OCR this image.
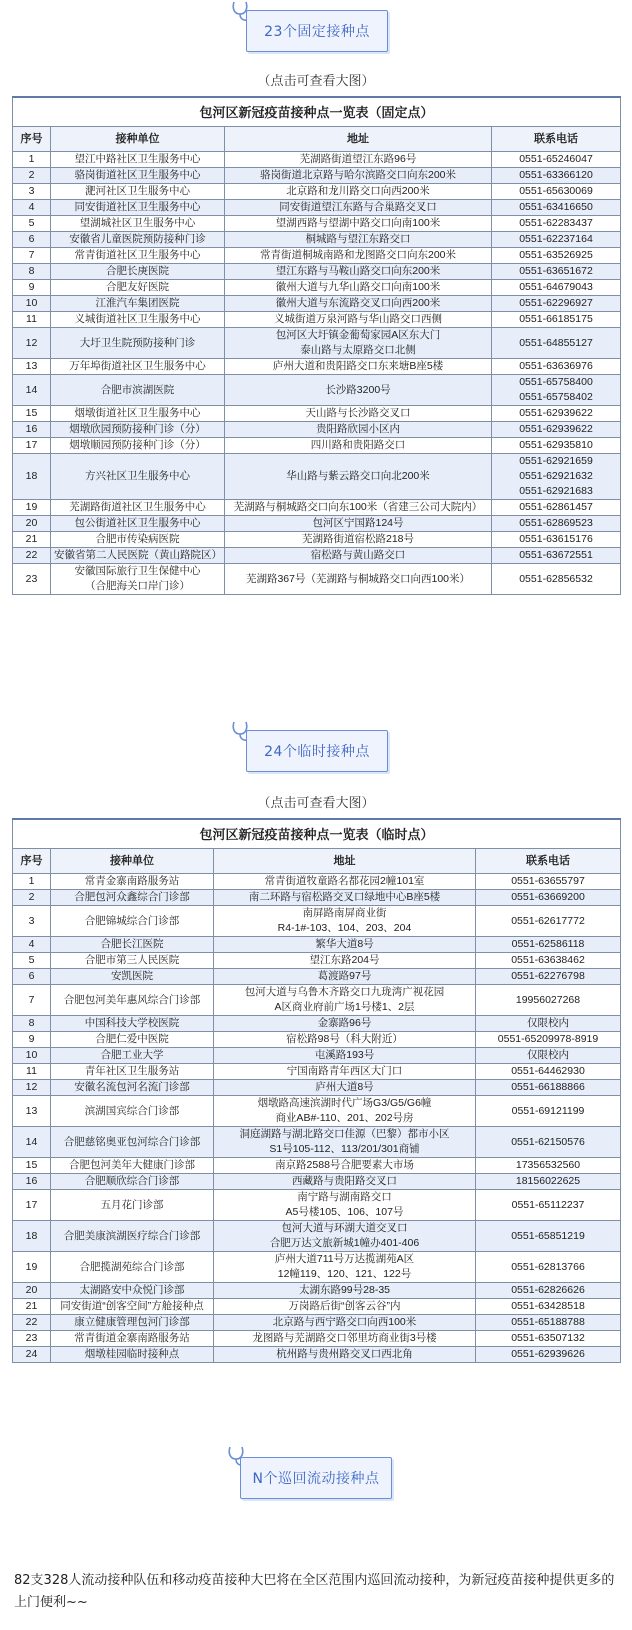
23个固定接种点
（点击可查看大图）
包河区新冠疫苗接种点一览表（固定点）			
序号	接种单位	地址	联系电话
1	望江中路社区卫生服务中心	芜湖路街道望江东路96号	0551-65246047
2	骆岗街道社区卫生服务中心	骆岗街道北京路与哈尔滨路交口向东200米	0551-63366120
3	淝河社区卫生服务中心	北京路和龙川路交口向西200米	0551-65630069
4	同安街道社区卫生服务中心	同安街道望江东路与合巢路交叉口	0551-63416650
5	望湖城社区卫生服务中心	望湖西路与望湖中路交口向南100米	0551-62283437
6	安徽省儿童医院预防接种门诊	桐城路与望江东路交口	0551-62237164
7	常青街道社区卫生服务中心	常青街道桐城南路和龙图路交口向东200米	0551-63526925
8	合肥长庚医院	望江东路与马鞍山路交口向东200米	0551-63651672
9	合肥友好医院	徽州大道与九华山路交口向南100米	0551-64679043
10	江淮汽车集团医院	徽州大道与东流路交叉口向西200米	0551-62296927
11	义城街道社区卫生服务中心	义城街道万泉河路与华山路交口西侧	0551-66185175
12	大圩卫生院预防接种门诊	包河区大圩镇金葡萄家园A区东大门
泰山路与太原路交口北侧	0551-64855127
13	万年埠街道社区卫生服务中心	庐州大道和贵阳路交口东来塘B座5楼	0551-63636976
14	合肥市滨湖医院	长沙路3200号	0551-65758400
0551-65758402
15	烟墩街道社区卫生服务中心	天山路与长沙路交叉口	0551-62939622
16	烟墩欣园预防接种门诊（分）	贵阳路欣园小区内	0551-62939622
17	烟墩顺园预防接种门诊（分）	四川路和贵阳路交口	0551-62935810
18	方兴社区卫生服务中心	华山路与紫云路交口向北200米	0551-62921659
0551-62921632
0551-62921683
19	芜湖路街道社区卫生服务中心	芜湖路与桐城路交口向东100米（省建三公司大院内）	0551-62861457
20	包公街道社区卫生服务中心	包河区宁国路124号	0551-62869523
21	合肥市传染病医院	芜湖路街道宿松路218号	0551-63615176
22	安徽省第二人民医院（黄山路院区）	宿松路与黄山路交口	0551-63672551
23	安徽国际旅行卫生保健中心
（合肥海关口岸门诊）	芜湖路367号（芜湖路与桐城路交口向西100米）	0551-62856532
24个临时接种点
（点击可查看大图）
包河区新冠疫苗接种点一览表（临时点）			
序号	接种单位	地址	联系电话
1	常青金寨南路服务站	常青街道牧童路名都花园2幢101室	0551-63655797
2	合肥包河众鑫综合门诊部	南二环路与宿松路交叉口绿地中心B座5楼	0551-63669200
3	合肥锦城综合门诊部	南屏路南屏商业街
R4-1#-103、104、203、204	0551-62617772
4	合肥长江医院	繁华大道8号	0551-62586118
5	合肥市第三人民医院	望江东路204号	0551-63638462
6	安凯医院	葛渡路97号	0551-62276798
7	合肥包河美年惠风综合门诊部	包河大道与乌鲁木齐路交口九珑湾广视花园
A区商业府前广场1号楼1、2层	19956027268
8	中国科技大学校医院	金寨路96号	仅限校内
9	合肥仁爱中医院	宿松路98号（科大附近）	0551-65209978-8919
10	合肥工业大学	屯溪路193号	仅限校内
11	青年社区卫生服务站	宁国南路青年西区大门口	0551-64462930
12	安徽名流包河名流门诊部	庐州大道8号	0551-66188866
13	滨湖国宾综合门诊部	烟墩路高速滨湖时代广场G3/G5/G6幢
商业AB#-110、201、202号房	0551-69121199
14	合肥慈铭奥亚包河综合门诊部	洞庭湖路与湖北路交口佳源（巴黎）都市小区
S1号105-112、113/201/301商铺	0551-62150576
15	合肥包河美年大健康门诊部	南京路2588号合肥要素大市场	17356532560
16	合肥顺欣综合门诊部	西藏路与贵阳路交叉口	18156022625
17	五月花门诊部	南宁路与湖南路交口
A5号楼105、106、107号	0551-65112237
18	合肥美康滨湖医疗综合门诊部	包河大道与环湖大道交叉口
合肥万达文旅新城1幢办401-406	0551-65851219
19	合肥揽湖苑综合门诊部	庐州大道711号万达揽湖苑A区
12幢119、120、121、122号	0551-62813766
20	太湖路安中众悦门诊部	太湖东路99号28-35	0551-62826626
21	同安街道“创客空间”方舱接种点	万岗路后街“创客云谷”内	0551-63428518
22	康立健康管理包河门诊部	北京路与西宁路交口向西100米	0551-65188788
23	常青街道金寨南路服务站	龙图路与芜湖路交口邻里坊商业街3号楼	0551-63507132
24	烟墩桂园临时接种点	杭州路与贵州路交叉口西北角	0551-62939626
N个巡回流动接种点
82支328人流动接种队伍和移动疫苗接种大巴将在全区范围内巡回流动接种，为新冠疫苗接种提供更多的上门便利~~
